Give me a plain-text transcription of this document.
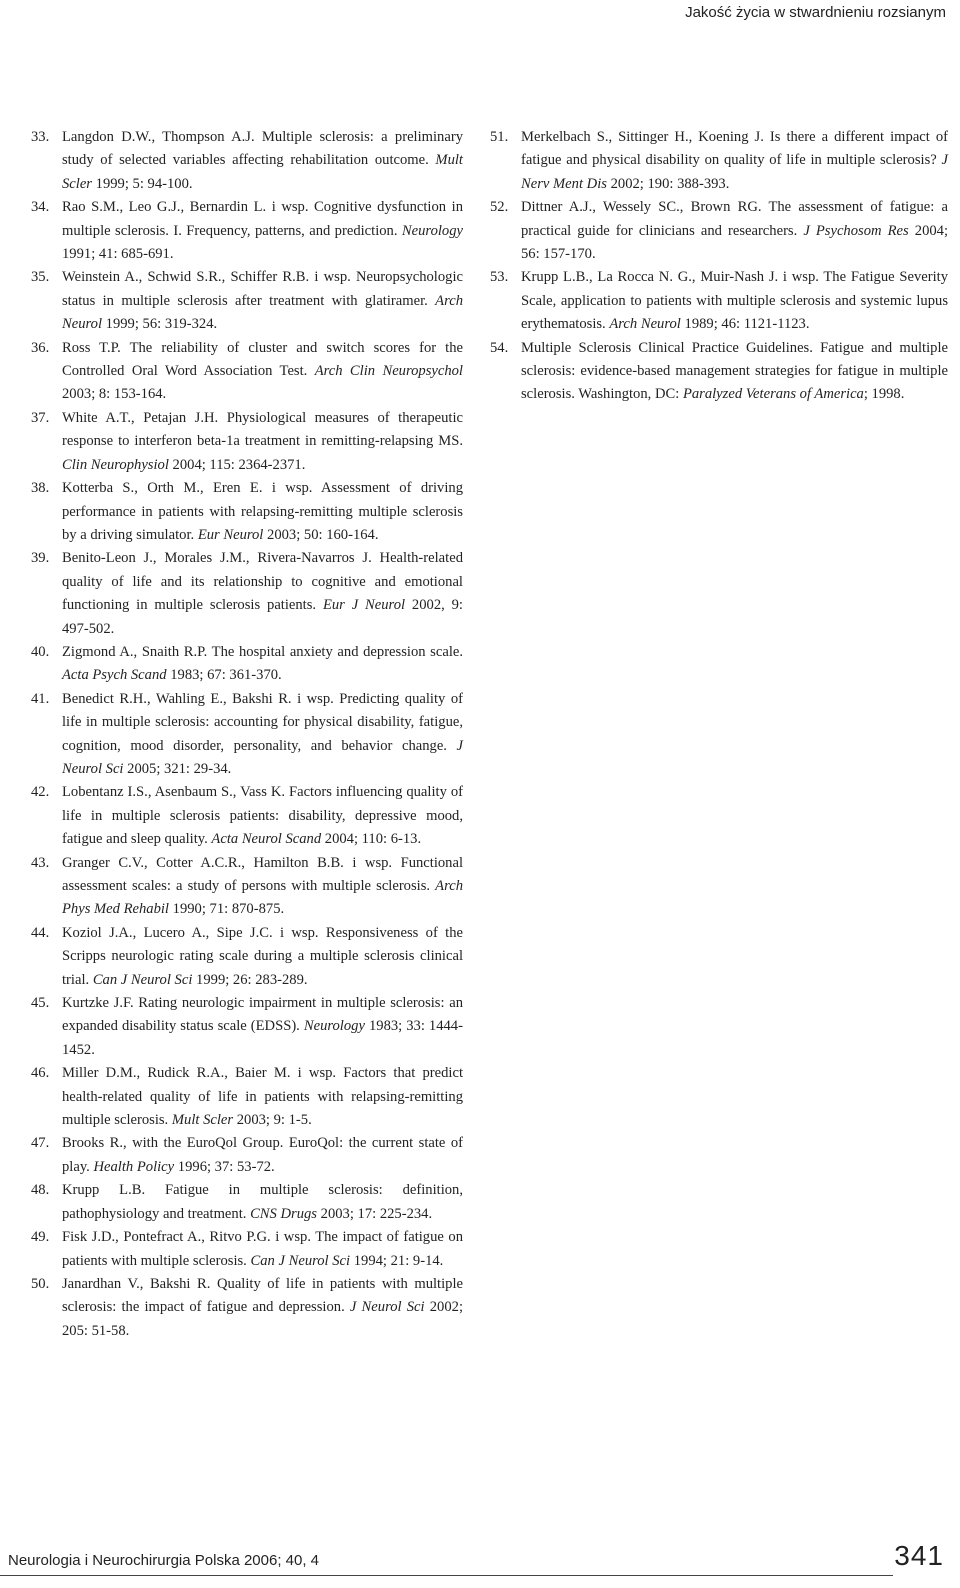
Jakość życia w stwardnieniu rozsianym
33. Langdon D.W., Thompson A.J. Multiple sclerosis: a preliminary study of selected variables affecting rehabilitation outcome. Mult Scler 1999; 5: 94-100.
34. Rao S.M., Leo G.J., Bernardin L. i wsp. Cognitive dysfunction in multiple sclerosis. I. Frequency, patterns, and prediction. Neurology 1991; 41: 685-691.
35. Weinstein A., Schwid S.R., Schiffer R.B. i wsp. Neuropsychologic status in multiple sclerosis after treatment with glatiramer. Arch Neurol 1999; 56: 319-324.
36. Ross T.P. The reliability of cluster and switch scores for the Controlled Oral Word Association Test. Arch Clin Neuropsychol 2003; 8: 153-164.
37. White A.T., Petajan J.H. Physiological measures of therapeutic response to interferon beta-1a treatment in remitting-relapsing MS. Clin Neurophysiol 2004; 115: 2364-2371.
38. Kotterba S., Orth M., Eren E. i wsp. Assessment of driving performance in patients with relapsing-remitting multiple sclerosis by a driving simulator. Eur Neurol 2003; 50: 160-164.
39. Benito-Leon J., Morales J.M., Rivera-Navarros J. Health-related quality of life and its relationship to cognitive and emotional functioning in multiple sclerosis patients. Eur J Neurol 2002, 9: 497-502.
40. Zigmond A., Snaith R.P. The hospital anxiety and depression scale. Acta Psych Scand 1983; 67: 361-370.
41. Benedict R.H., Wahling E., Bakshi R. i wsp. Predicting quality of life in multiple sclerosis: accounting for physical disability, fatigue, cognition, mood disorder, personality, and behavior change. J Neurol Sci 2005; 321: 29-34.
42. Lobentanz I.S., Asenbaum S., Vass K. Factors influencing quality of life in multiple sclerosis patients: disability, depressive mood, fatigue and sleep quality. Acta Neurol Scand 2004; 110: 6-13.
43. Granger C.V., Cotter A.C.R., Hamilton B.B. i wsp. Functional assessment scales: a study of persons with multiple sclerosis. Arch Phys Med Rehabil 1990; 71: 870-875.
44. Koziol J.A., Lucero A., Sipe J.C. i wsp. Responsiveness of the Scripps neurologic rating scale during a multiple sclerosis clinical trial. Can J Neurol Sci 1999; 26: 283-289.
45. Kurtzke J.F. Rating neurologic impairment in multiple sclerosis: an expanded disability status scale (EDSS). Neurology 1983; 33: 1444-1452.
46. Miller D.M., Rudick R.A., Baier M. i wsp. Factors that predict health-related quality of life in patients with relapsing-remitting multiple sclerosis. Mult Scler 2003; 9: 1-5.
47. Brooks R., with the EuroQol Group. EuroQol: the current state of play. Health Policy 1996; 37: 53-72.
48. Krupp L.B. Fatigue in multiple sclerosis: definition, pathophysiology and treatment. CNS Drugs 2003; 17: 225-234.
49. Fisk J.D., Pontefract A., Ritvo P.G. i wsp. The impact of fatigue on patients with multiple sclerosis. Can J Neurol Sci 1994; 21: 9-14.
50. Janardhan V., Bakshi R. Quality of life in patients with multiple sclerosis: the impact of fatigue and depression. J Neurol Sci 2002; 205: 51-58.
51. Merkelbach S., Sittinger H., Koening J. Is there a different impact of fatigue and physical disability on quality of life in multiple sclerosis? J Nerv Ment Dis 2002; 190: 388-393.
52. Dittner A.J., Wessely SC., Brown RG. The assessment of fatigue: a practical guide for clinicians and researchers. J Psychosom Res 2004; 56: 157-170.
53. Krupp L.B., La Rocca N. G., Muir-Nash J. i wsp. The Fatigue Severity Scale, application to patients with multiple sclerosis and systemic lupus erythematosis. Arch Neurol 1989; 46: 1121-1123.
54. Multiple Sclerosis Clinical Practice Guidelines. Fatigue and multiple sclerosis: evidence-based management strategies for fatigue in multiple sclerosis. Washington, DC: Paralyzed Veterans of America; 1998.
Neurologia i Neurochirurgia Polska 2006; 40, 4	341
